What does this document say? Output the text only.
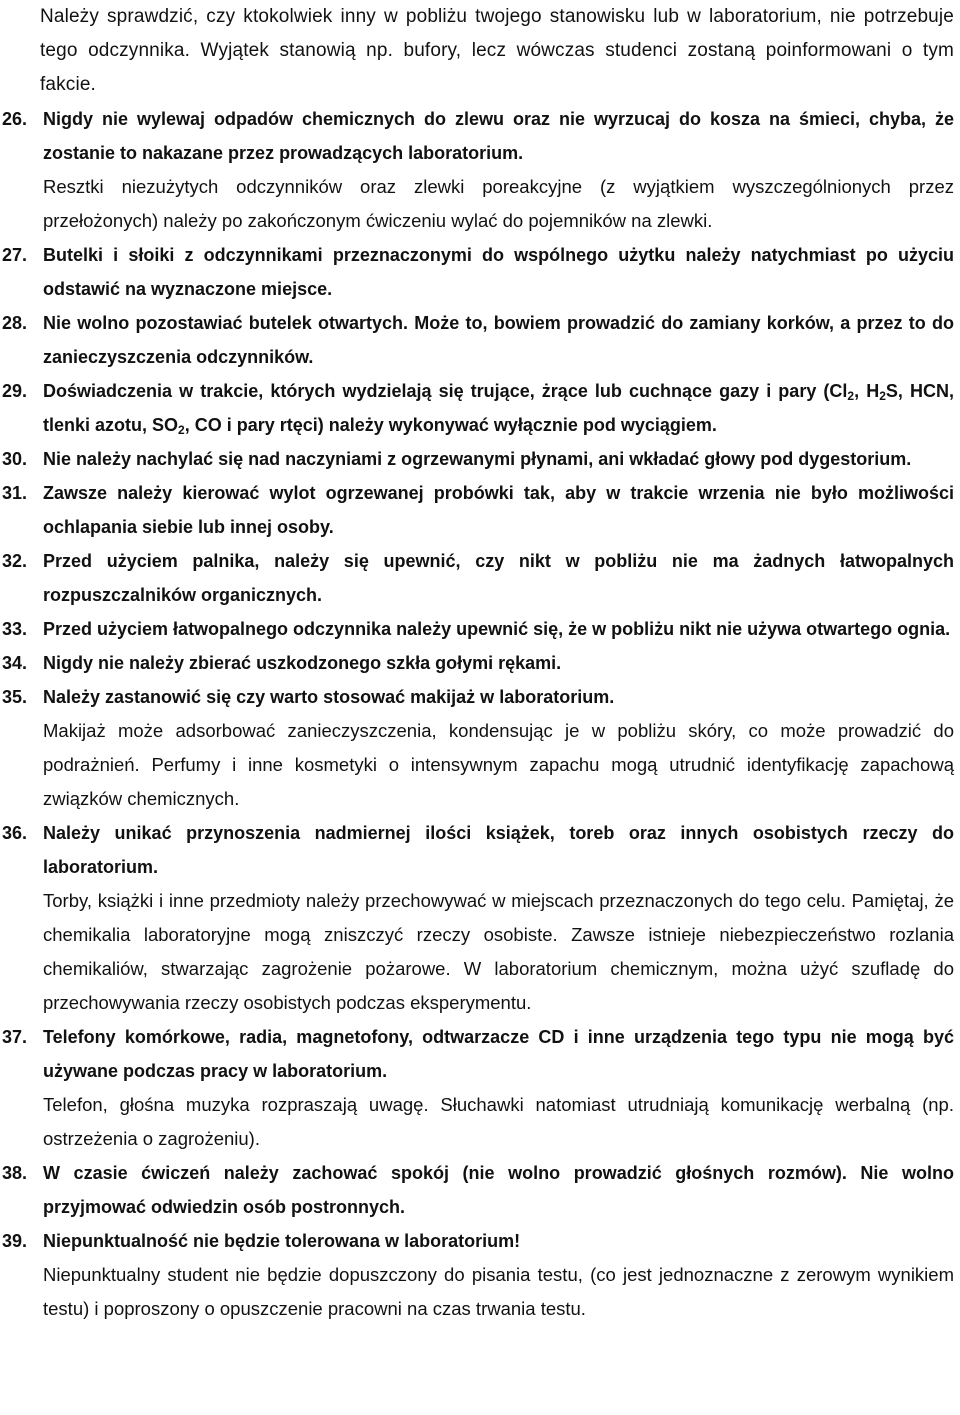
Należy sprawdzić, czy ktokolwiek inny w pobliżu twojego stanowisku lub w laboratorium, nie potrzebuje tego odczynnika. Wyjątek stanowią np. bufory, lecz wówczas studenci zostaną poinformowani o tym fakcie.

26. Nigdy nie wylewaj odpadów chemicznych do zlewu oraz nie wyrzucaj do kosza na śmieci, chyba, że zostanie to nakazane przez prowadzących laboratorium.

Resztki niezużytych odczynników oraz zlewki poreakcyjne (z wyjątkiem wyszczególnionych przez przełożonych) należy po zakończonym ćwiczeniu wylać do pojemników na zlewki.

27. Butelki i słoiki z odczynnikami przeznaczonymi do wspólnego użytku należy natychmiast po użyciu odstawić na wyznaczone miejsce.

28. Nie wolno pozostawiać butelek otwartych. Może to, bowiem prowadzić do zamiany korków, a przez to do zanieczyszczenia odczynników.

29. Doświadczenia w trakcie, których wydzielają się trujące, żrące lub cuchnące gazy i pary ($Cl_2$, $H_2S$, HCN, tlenki azotu, $SO_2$, CO i pary rtęci) należy wykonywać wyłącznie pod wyciągiem.

30. Nie należy nachylać się nad naczyniami z ogrzewanymi płynami, ani wkładać głowy pod dygestorium.

31. Zawsze należy kierować wylot ogrzewanej probówki tak, aby w trakcie wrzenia nie było możliwości ochlapania siebie lub innej osoby.

32. Przed użyciem palnika, należy się upewnić, czy nikt w pobliżu nie ma żadnych łatwopalnych rozpuszczalników organicznych.

33. Przed użyciem łatwopalnego odczynnika należy upewnić się, że w pobliżu nikt nie używa otwartego ognia.

34. Nigdy nie należy zbierać uszkodzonego szkła gołymi rękami.

35. Należy zastanowić się czy warto stosować makijaż w laboratorium.

Makijaż może adsorbować zanieczyszczenia, kondensując je w pobliżu skóry, co może prowadzić do podrażnień. Perfumy i inne kosmetyki o intensywnym zapachu mogą utrudnić identyfikację zapachową związków chemicznych.

36. Należy unikać przynoszenia nadmiernej ilości książek, toreb oraz innych osobistych rzeczy do laboratorium.

Torby, książki i inne przedmioty należy przechowywać w miejscach przeznaczonych do tego celu. Pamiętaj, że chemikalia laboratoryjne mogą zniszczyć rzeczy osobiste. Zawsze istnieje niebezpieczeństwo rozlania chemikaliów, stwarzając zagrożenie pożarowe. W laboratorium chemicznym, można użyć szufladę do przechowywania rzeczy osobistych podczas eksperymentu.

37. Telefony komórkowe, radia, magnetofony, odtwarzacze CD i inne urządzenia tego typu nie mogą być używane podczas pracy w laboratorium.

Telefon, głośna muzyka rozpraszają uwagę. Słuchawki natomiast utrudniają komunikację werbalną (np. ostrzeżenia o zagrożeniu).

38. W czasie ćwiczeń należy zachować spokój (nie wolno prowadzić głośnych rozmów). Nie wolno przyjmować odwiedzin osób postronnych.

39. Niepunktualność nie będzie tolerowana w laboratorium!

Niepunktualny student nie będzie dopuszczony do pisania testu, (co jest jednoznaczne z zerowym wynikiem testu) i poproszony o opuszczenie pracowni na czas trwania testu.
